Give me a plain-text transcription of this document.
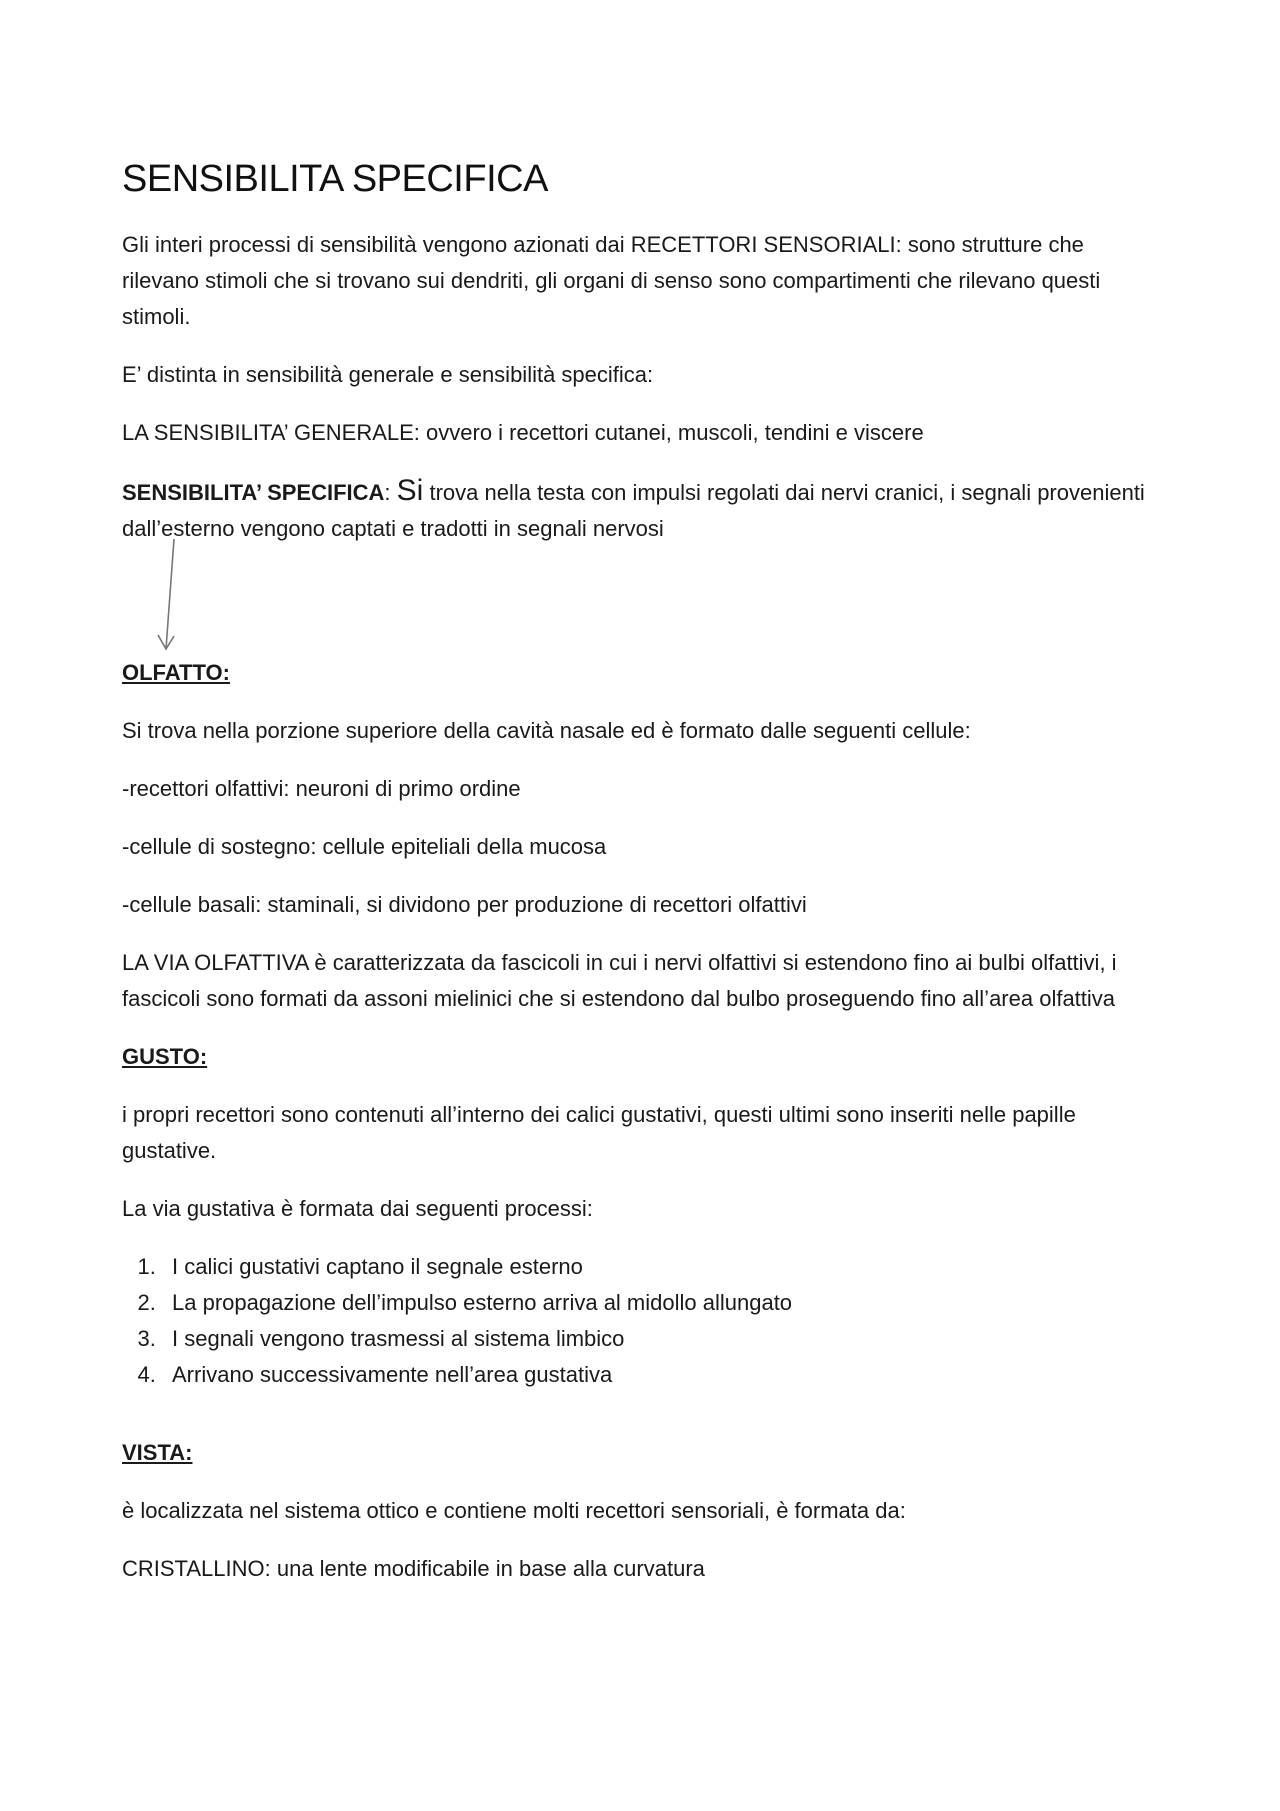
SENSIBILITA SPECIFICA

Gli interi processi di sensibilità vengono azionati dai RECETTORI SENSORIALI: sono strutture che rilevano stimoli che si trovano sui dendriti, gli organi di senso sono compartimenti che rilevano questi stimoli.

E’ distinta in sensibilità generale e sensibilità specifica:

LA SENSIBILITA’ GENERALE: ovvero i recettori cutanei, muscoli, tendini e viscere

SENSIBILITA’ SPECIFICA: Si trova nella testa con impulsi regolati dai nervi cranici, i segnali provenienti dall’esterno vengono captati e tradotti in segnali nervosi

OLFATTO:

Si trova nella porzione superiore della cavità nasale ed è formato dalle seguenti cellule:

-recettori olfattivi: neuroni di primo ordine

-cellule di sostegno: cellule epiteliali della mucosa

-cellule basali: staminali, si dividono per produzione di recettori olfattivi

LA VIA OLFATTIVA è caratterizzata da fascicoli in cui i nervi olfattivi si estendono fino ai bulbi olfattivi, i fascicoli sono formati da assoni mielinici che si estendono dal bulbo proseguendo fino all’area olfattiva

GUSTO:

i propri recettori sono contenuti all’interno dei calici gustativi, questi ultimi sono inseriti nelle papille gustative.

La via gustativa è formata dai seguenti processi:

1. I calici gustativi captano il segnale esterno
2. La propagazione dell’impulso esterno arriva al midollo allungato
3. I segnali vengono trasmessi al sistema limbico
4. Arrivano successivamente nell’area gustativa
VISTA:

è localizzata nel sistema ottico e contiene molti recettori sensoriali, è formata da:

CRISTALLINO: una lente modificabile in base alla curvatura
